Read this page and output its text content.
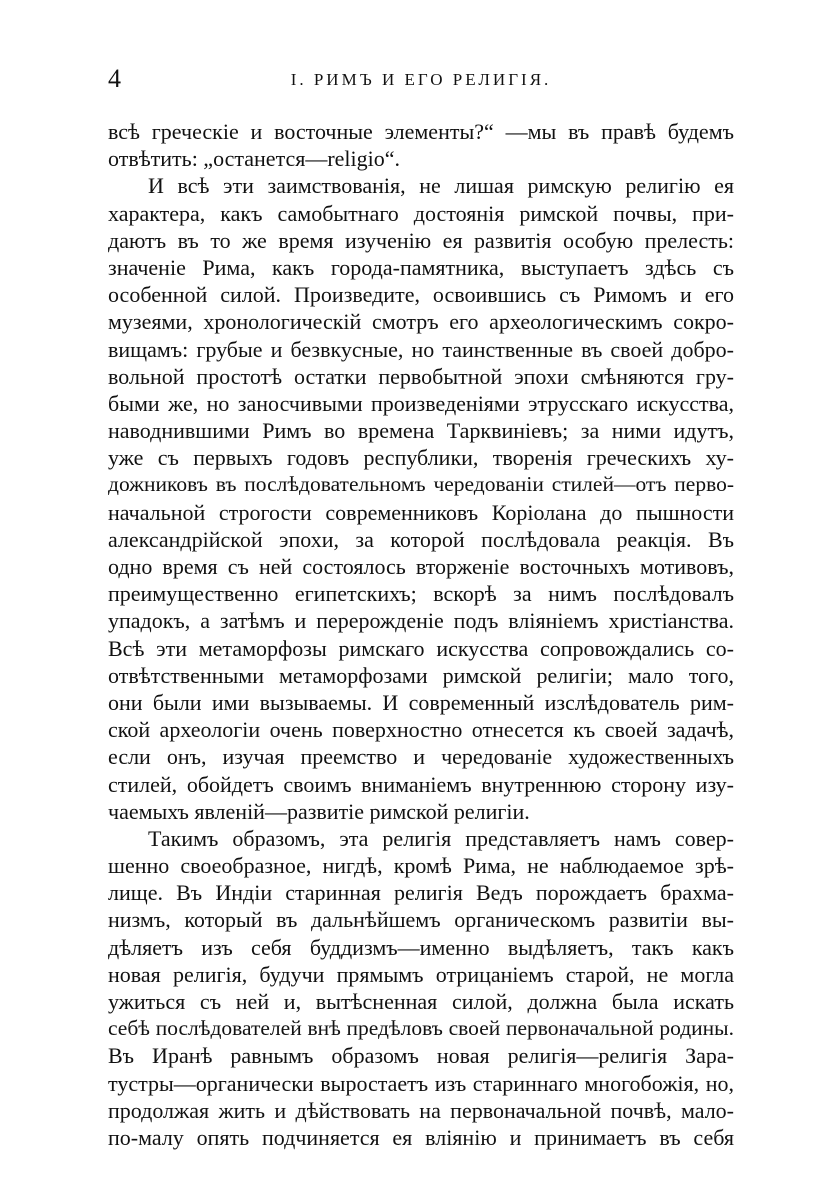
4	I. РИМЪ И ЕГО РЕЛИГІЯ.
всѣ греческіе и восточные элементы?“ —мы въ правѣ будемъ
отвѣтить: „останется—religio“.
И всѣ эти заимствованія, не лишая римскую религію ея
характера, какъ самобытнаго достоянія римской почвы, при-
даютъ въ то же время изученію ея развитія особую прелесть:
значеніе Рима, какъ города-памятника, выступаетъ здѣсь съ
особенной силой. Произведите, освоившись съ Римомъ и его
музеями, хронологическій смотръ его археологическимъ сокро-
вищамъ: грубые и безвкусные, но таинственные въ своей добро-
вольной простотѣ остатки первобытной эпохи смѣняются гру-
быми же, но заносчивыми произведеніями этрусскаго искусства,
наводнившими Римъ во времена Тарквиніевъ; за ними идутъ,
уже съ первыхъ годовъ республики, творенія греческихъ ху-
дожниковъ въ послѣдовательномъ чередованіи стилей—отъ перво-
начальной строгости современниковъ Коріолана до пышности
александрійской эпохи, за которой послѣдовала реакція. Въ
одно время съ ней состоялось вторженіе восточныхъ мотивовъ,
преимущественно египетскихъ; вскорѣ за нимъ послѣдовалъ
упадокъ, а затѣмъ и перерожденіе подъ вліяніемъ христіанства.
Всѣ эти метаморфозы римскаго искусства сопровождались со-
отвѣтственными метаморфозами римской религіи; мало того,
они были ими вызываемы. И современный изслѣдователь рим-
ской археологіи очень поверхностно отнесется къ своей задачѣ,
если онъ, изучая преемство и чередованіе художественныхъ
стилей, обойдетъ своимъ вниманіемъ внутреннюю сторону изу-
чаемыхъ явленій—развитіе римской религіи.
Такимъ образомъ, эта религія представляетъ намъ совер-
шенно своеобразное, нигдѣ, кромѣ Рима, не наблюдаемое зрѣ-
лище. Въ Индіи старинная религія Ведъ порождаетъ брахма-
низмъ, который въ дальнѣйшемъ органическомъ развитіи вы-
дѣляетъ изъ себя буддизмъ—именно выдѣляетъ, такъ какъ
новая религія, будучи прямымъ отрицаніемъ старой, не могла
ужиться съ ней и, вытѣсненная силой, должна была искать
себѣ послѣдователей внѣ предѣловъ своей первоначальной родины.
Въ Иранѣ равнымъ образомъ новая религія—религія Зара-
тустры—органически выростаетъ изъ стариннаго многобожія, но,
продолжая жить и дѣйствовать на первоначальной почвѣ, мало-
по-малу опять подчиняется ея вліянію и принимаетъ въ себя
